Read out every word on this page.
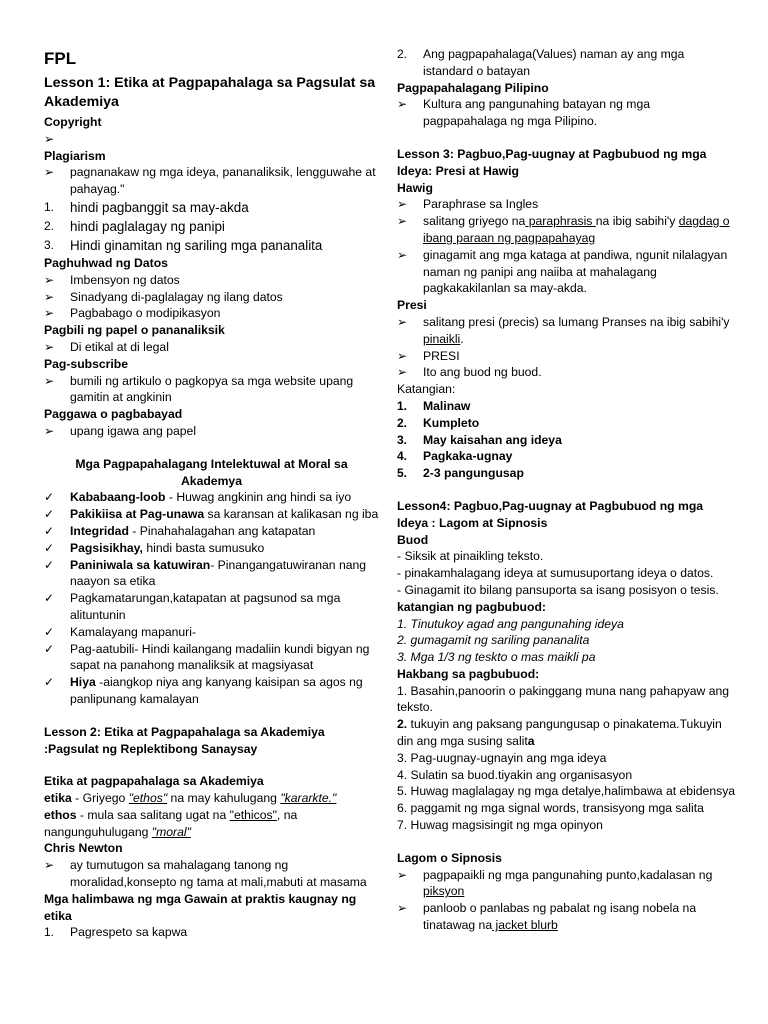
FPL
Lesson 1: Etika at Pagpapahalaga sa Pagsulat sa Akademiya
Copyright
➢

Plagiarism
➢	pagnanakaw ng mga ideya, pananaliksik, lengguwahe at pahayag."
1.	hindi pagbanggit sa may-akda
2.	hindi paglalagay ng panipi
3.	Hindi ginamitan ng sariling mga pananalita
Paghuhwad ng Datos
➢	Imbensyon ng datos
➢	Sinadyang di-paglalagay ng ilang datos
➢	Pagbabago o modipikasyon
Pagbili ng papel o pananaliksik
➢	Di etikal at di legal
Pag-subscribe
➢	bumili ng artikulo o pagkopya sa mga website upang gamitin at angkinin
Paggawa o pagbabayad
➢	upang igawa ang papel
Mga Pagpapahalagang Intelektuwal at Moral sa Akademya
✓	Kababaang-loob - Huwag angkinin ang hindi sa iyo
✓	Pakikiisa at Pag-unawa sa karansan at kalikasan ng iba
✓	Integridad - Pinahahalagahan ang katapatan
✓	Pagsisikhay, hindi basta sumusuko
✓	Paniniwala sa katuwiran- Pinangangatuwiranan nang naayon sa etika
✓	Pagkamatarungan,katapatan at pagsunod sa mga alituntunin
✓	Kamalayang mapanuri-
✓	Pag-aatubili- Hindi kailangang madaliin kundi bigyan ng sapat na panahong manaliksik at magsiyasat
✓	Hiya -aiangkop niya ang kanyang kaisipan sa agos ng panlipunang kamalayan
Lesson 2: Etika at Pagpapahalaga sa Akademiya :Pagsulat ng Replektibong Sanaysay
Etika at pagpapahalaga sa Akademiya
etika - Griyego "ethos" na may kahulugang "kararkte."
ethos - mula saa salitang ugat na "ethicos", na nangunguhulugang "moral"
Chris Newton
➢	ay tumutugon sa mahalagang tanong ng moralidad,konsepto ng tama at mali,mabuti at masama
Mga halimbawa ng mga Gawain at praktis kaugnay ng etika
1.	Pagrespeto sa kapwa
2.	Ang pagpapahalaga(Values) naman ay ang mga istandard o batayan
Pagpapahalagang Pilipino
➢	Kultura ang pangunahing batayan ng mga pagpapahalaga ng mga Pilipino.
Lesson 3: Pagbuo,Pag-uugnay at Pagbubuod ng mga Ideya: Presi at Hawig
Hawig
➢	Paraphrase sa Ingles
➢	salitang griyego na paraphrasis na ibig sabihi'y dagdag o ibang paraan ng pagpapahayag
➢	ginagamit ang mga kataga at pandiwa, ngunit nilalagyan naman ng panipi ang naiiba at mahalagang pagkakakilanlan sa may-akda.
Presi
➢	salitang presi (precis) sa lumang Pranses na ibig sabihi'y pinaikli.
➢	PRESI
➢	Ito ang buod ng buod.
Katangian:
1.	Malinaw
2.	Kumpleto
3.	May kaisahan ang ideya
4.	Pagkaka-ugnay
5.	2-3 pangungusap
Lesson4: Pagbuo,Pag-uugnay at Pagbubuod ng mga Ideya : Lagom at Sipnosis
Buod
- Siksik at pinaikling teksto.
- pinakamhalagang ideya at sumusuportang ideya o datos.
- Ginagamit ito bilang pansuporta sa isang posisyon o tesis.
katangian ng pagbubuod:
1. Tinutukoy agad ang pangunahing ideya
2. gumagamit ng sariling pananalita
3. Mga 1/3 ng teskto o mas maikli pa
Hakbang sa pagbubuod:
1. Basahin,panoorin o pakinggang muna nang pahapyaw ang teksto.
2. tukuyin ang paksang pangungusap o pinakatema.Tukuyin din ang mga susing salita
3. Pag-uugnay-ugnayin ang mga ideya
4. Sulatin sa buod.tiyakin ang organisasyon
5. Huwag maglalagay ng mga detalye,halimbawa at ebidensya
6. paggamit ng mga signal words, transisyong mga salita
7. Huwag magsisingit ng mga opinyon
Lagom o Sipnosis
➢	pagpapaikli ng mga pangunahing punto,kadalasan ng piksyon
➢	panloob o panlabas ng pabalat ng isang nobela na tinatawag na jacket blurb
